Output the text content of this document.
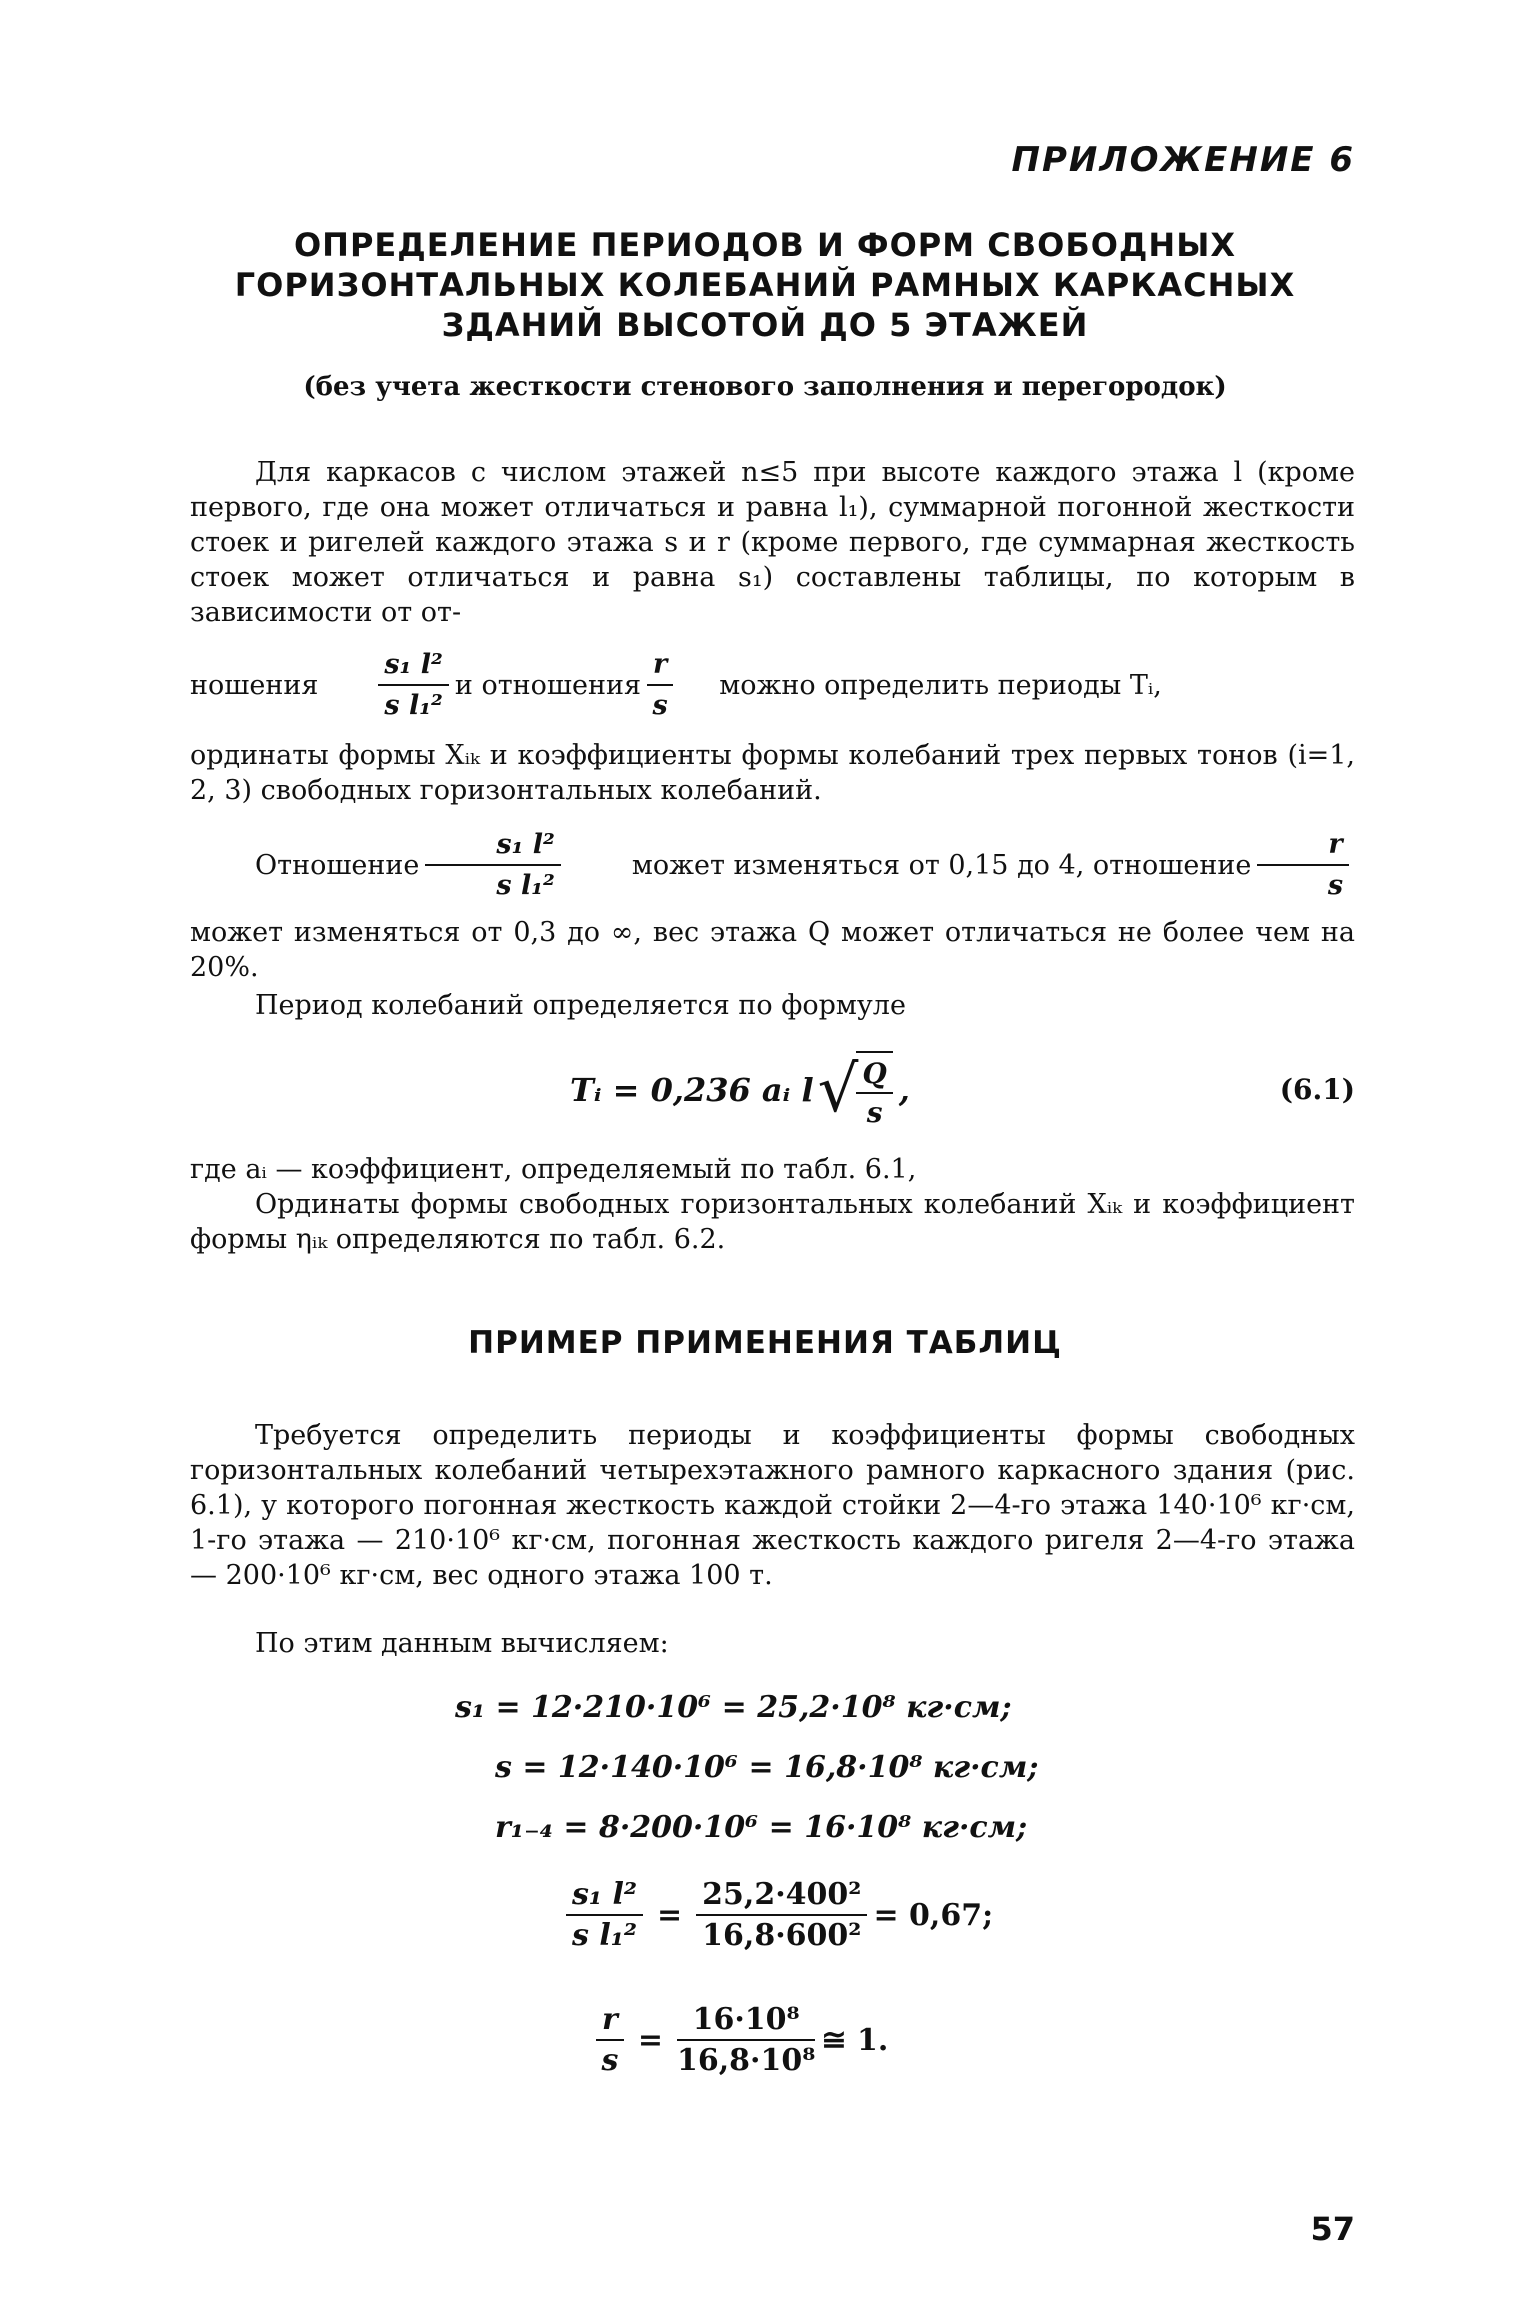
ПРИЛОЖЕНИЕ 6
ОПРЕДЕЛЕНИЕ ПЕРИОДОВ И ФОРМ СВОБОДНЫХ
ГОРИЗОНТАЛЬНЫХ КОЛЕБАНИЙ РАМНЫХ КАРКАСНЫХ
ЗДАНИЙ ВЫСОТОЙ ДО 5 ЭТАЖЕЙ
(без учета жесткости стенового заполнения и перегородок)
Для каркасов с числом этажей n≤5 при высоте каждого этажа l (кроме первого, где она может отличаться и равна l₁), суммарной погонной жесткости стоек и ригелей каждого этажа s и r (кроме первого, где суммарная жесткость стоек может отличаться и равна s₁) составлены таблицы, по которым в зависимости от от-
ношения $\frac{\text{s₁ l²}}{\text{s l₁²}}$ и отношения $\frac{r}{s}$ можно определить периоды Tᵢ,
ординаты формы Xᵢₖ и коэффициенты формы колебаний трех первых тонов (i=1, 2, 3) свободных горизонтальных колебаний.
Отношение $\frac{\text{s₁ l²}}{\text{s l₁²}}$	может изменяться от 0,15 до 4, отношение $\frac{r}{s}$
может изменяться от 0,3 до ∞, вес этажа Q может отличаться не более чем на 20%.
Период колебаний определяется по формуле
Tᵢ = 0,236 aᵢ l √
$\frac{Q}{s}$ ,	(6.1)
где aᵢ — коэффициент, определяемый по табл. 6.1,
Ординаты формы свободных горизонтальных колебаний Xᵢₖ и коэффициент формы ηᵢₖ определяются по табл. 6.2.
ПРИМЕР ПРИМЕНЕНИЯ ТАБЛИЦ
Требуется определить периоды и коэффициенты формы свободных горизонтальных колебаний четырехэтажного рамного каркасного здания (рис. 6.1), у которого погонная жесткость каждой стойки 2—4-го этажа 140·10⁶ кг·см, 1-го этажа — 210·10⁶ кг·см, погонная жесткость каждого ригеля 2—4-го этажа — 200·10⁶ кг·см, вес одного этажа 100 т.
По этим данным вычисляем:
s₁ = 12·210·10⁶ = 25,2·10⁸ кг·см;
s = 12·140·10⁶ = 16,8·10⁸ кг·см;
r₁₋₄ = 8·200·10⁶ = 16·10⁸ кг·см;
$\frac{\text{s₁ l²}}{\text{s l₁²}} = \frac{\text{25,2·400²}}{\text{16,8·600²}} = 0,67$;
$\frac{r}{s} = \frac{\text{16·10⁸}}{\text{16,8·10⁸}}$ ≅ 1.
57
